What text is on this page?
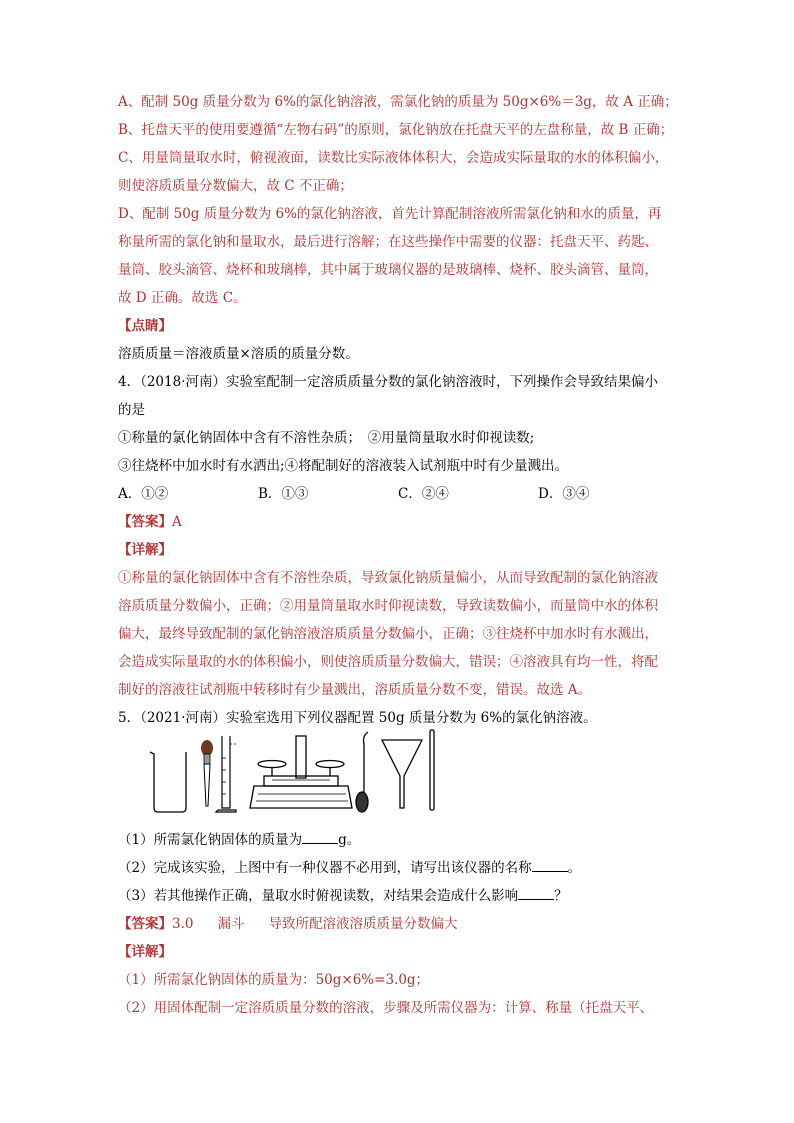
A、配制 50g 质量分数为 6%的氯化钠溶液，需氯化钠的质量为 50g×6%＝3g，故 A 正确；
B、托盘天平的使用要遵循“左物右码”的原则，氯化钠放在托盘天平的左盘称量，故 B 正确；
C、用量筒量取水时，俯视液面，读数比实际液体体积大，会造成实际量取的水的体积偏小，
则使溶质质量分数偏大，故 C 不正确；
D、配制 50g 质量分数为 6%的氯化钠溶液，首先计算配制溶液所需氯化钠和水的质量，再
称量所需的氯化钠和量取水，最后进行溶解；在这些操作中需要的仪器：托盘天平、药匙、
量筒、胶头滴管、烧杯和玻璃棒，其中属于玻璃仪器的是玻璃棒、烧杯、胶头滴管、量筒，
故 D 正确。故选 C。
【点睛】
溶质质量＝溶液质量×溶质的质量分数。
4．（2018·河南）实验室配制一定溶质质量分数的氯化钠溶液时，下列操作会导致结果偏小
的是
①称量的氯化钠固体中含有不溶性杂质；　②用量筒量取水时仰视读数;
③往烧杯中加水时有水洒出;④将配制好的溶液装入试剂瓶中时有少量溅出。
A．①②	B．①③	C．②④	D．③④
【答案】A
【详解】
①称量的氯化钠固体中含有不溶性杂质，导致氯化钠质量偏小，从而导致配制的氯化钠溶液
溶质质量分数偏小，正确；②用量筒量取水时仰视读数，导致读数偏小，而量筒中水的体积
偏大，最终导致配制的氯化钠溶液溶质质量分数偏小，正确；③往烧杯中加水时有水溅出，
会造成实际量取的水的体积偏小，则使溶质质量分数偏大，错误；④溶液具有均一性，将配
制好的溶液往试剂瓶中转移时有少量溅出，溶质质量分数不变，错误。故选 A。
5．（2021·河南）实验室选用下列仪器配置 50g 质量分数为 6%的氯化钠溶液。
（1）所需氯化钠固体的质量为	g。
（2）完成该实验，上图中有一种仪器不必用到，请写出该仪器的名称	。
（3）若其他操作正确，量取水时俯视读数，对结果会造成什么影响	？
【答案】3.0 漏斗 导致所配溶液溶质质量分数偏大
【详解】
（1）所需氯化钠固体的质量为：50g×6%=3.0g；
（2）用固体配制一定溶质质量分数的溶液，步骤及所需仪器为：计算、称量（托盘天平、
